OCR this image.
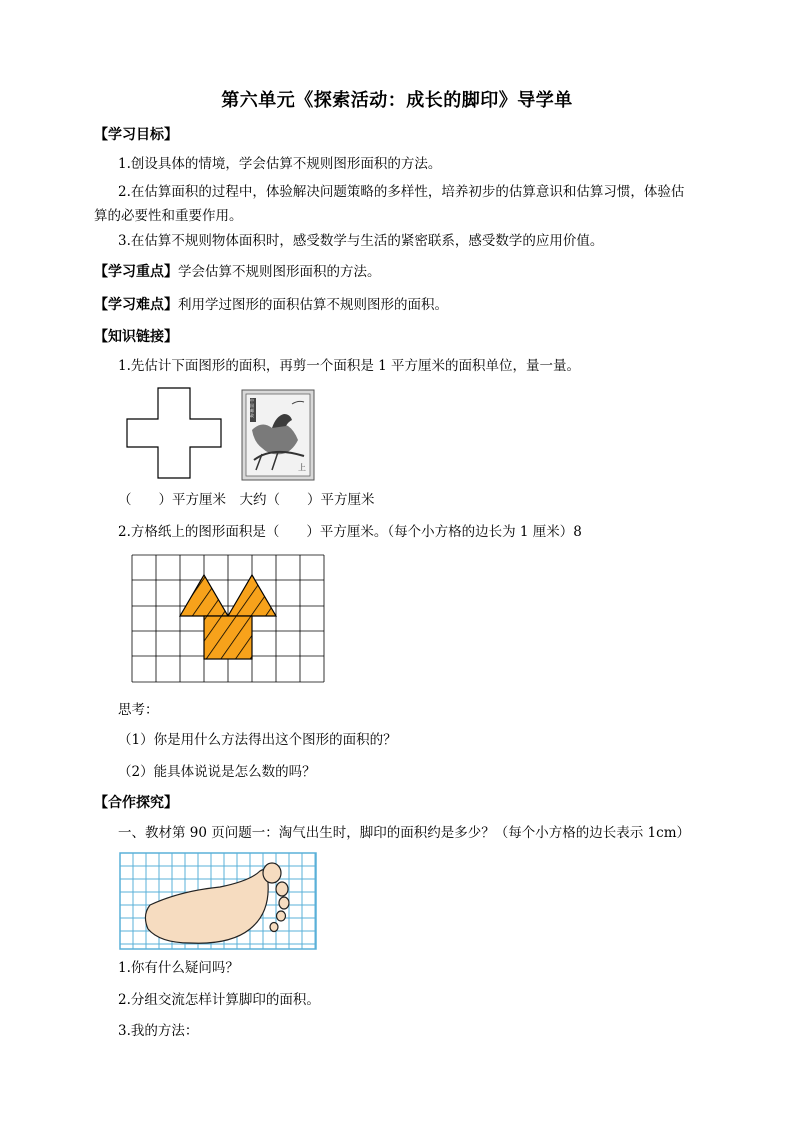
第六单元《探索活动：成长的脚印》导学单
【学习目标】
1.创设具体的情境，学会估算不规则图形面积的方法。
2.在估算面积的过程中，体验解决问题策略的多样性，培养初步的估算意识和估算习惯，体验估
算的必要性和重要作用。
3.在估算不规则物体面积时，感受数学与生活的紧密联系，感受数学的应用价值。
【学习重点】学会估算不规则图形面积的方法。
【学习难点】利用学过图形的面积估算不规则图形的面积。
【知识链接】
1.先估计下面图形的面积，再剪一个面积是 1 平方厘米的面积单位，量一量。
上
中国邮政
（　　）平方厘米　大约（　　）平方厘米
2.方格纸上的图形面积是（　　）平方厘米。（每个小方格的边长为 1 厘米）8
思考：
（1）你是用什么方法得出这个图形的面积的？
（2）能具体说说是怎么数的吗？
【合作探究】
一、教材第 90 页问题一：淘气出生时，脚印的面积约是多少？（每个小方格的边长表示 1cm）
1.你有什么疑问吗？
2.分组交流怎样计算脚印的面积。
3.我的方法：
